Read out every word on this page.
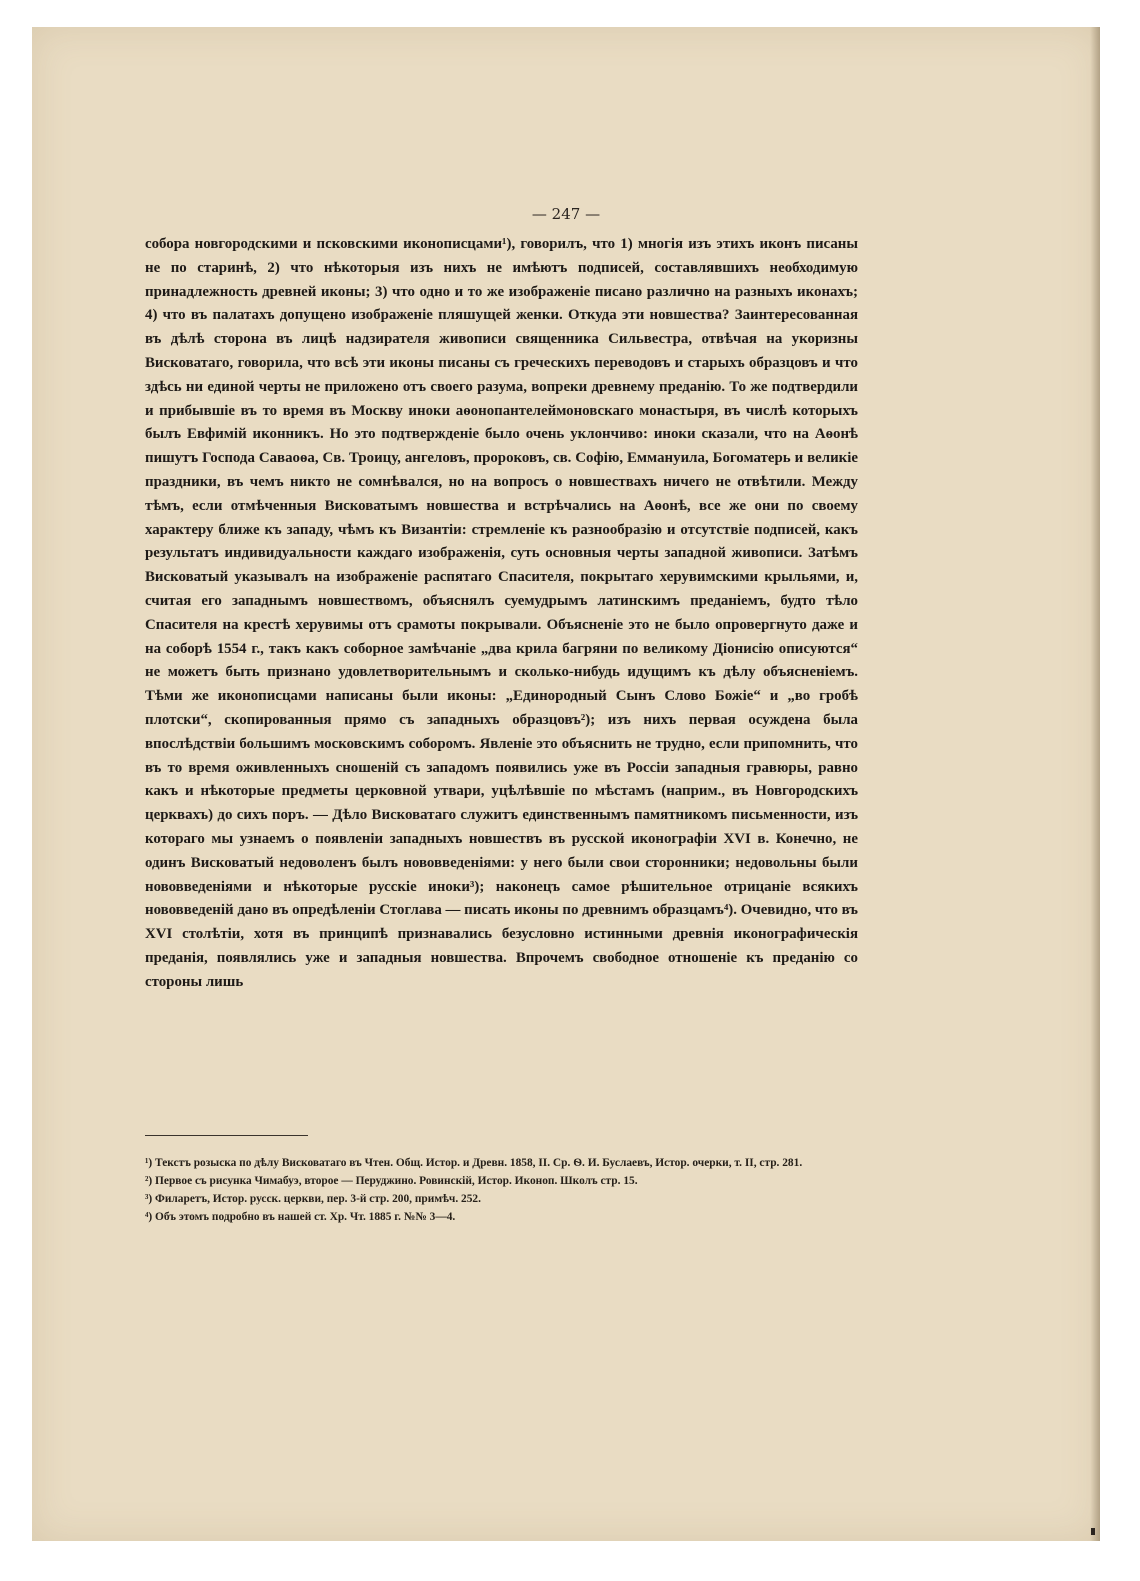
— 247 —

собора новгородскими и псковскими иконописцами¹), говорилъ, что 1) многія изъ этихъ иконъ писаны не по старинѣ, 2) что нѣкоторыя изъ нихъ не имѣютъ подписей, составлявшихъ необходимую принадлежность древней иконы; 3) что одно и то же изображеніе писано различно на разныхъ иконахъ; 4) что въ палатахъ допущено изображеніе пляшущей женки. Откуда эти новшества? Заинтересованная въ дѣлѣ сторона въ лицѣ надзирателя живописи священника Сильвестра, отвѣчая на укоризны Висковатаго, говорила, что всѣ эти иконы писаны съ греческихъ переводовъ и старыхъ образцовъ и что здѣсь ни единой черты не приложено отъ своего разума, вопреки древнему преданію. То же подтвердили и прибывшіе въ то время въ Москву иноки аѳонопантелеймоновскаго монастыря, въ числѣ которыхъ былъ Евфимій иконникъ. Но это подтвержденіе было очень уклончиво: иноки сказали, что на Аѳонѣ пишутъ Господа Саваоѳа, Св. Троицу, ангеловъ, пророковъ, св. Софію, Еммануила, Богоматерь и великіе праздники, въ чемъ никто не сомнѣвался, но на вопросъ о новшествахъ ничего не отвѣтили. Между тѣмъ, если отмѣченныя Висковатымъ новшества и встрѣчались на Аѳонѣ, все же они по своему характеру ближе къ западу, чѣмъ къ Византіи: стремленіе къ разнообразію и отсутствіе подписей, какъ результатъ индивидуальности каждаго изображенія, суть основныя черты западной живописи. Затѣмъ Висковатый указывалъ на изображеніе распятаго Спасителя, покрытаго херувимскими крыльями, и, считая его западнымъ новшествомъ, объяснялъ суемудрымъ латинскимъ преданіемъ, будто тѣло Спасителя на крестѣ херувимы отъ срамоты покрывали. Объясненіе это не было опровергнуто даже и на соборѣ 1554 г., такъ какъ соборное замѣчаніе „два крила багряни по великому Діонисію описуются“ не можетъ быть признано удовлетворительнымъ и сколько-нибудь идущимъ къ дѣлу объясненіемъ. Тѣми же иконописцами написаны были иконы: „Единородный Сынъ Слово Божіе“ и „во гробѣ плотски“, скопированныя прямо съ западныхъ образцовъ²); изъ нихъ первая осуждена была впослѣдствіи большимъ московскимъ соборомъ. Явленіе это объяснить не трудно, если припомнить, что въ то время оживленныхъ сношеній съ западомъ появились уже въ Россіи западныя гравюры, равно какъ и нѣкоторые предметы церковной утвари, уцѣлѣвшіе по мѣстамъ (наприм., въ Новгородскихъ церквахъ) до сихъ поръ. — Дѣло Висковатаго служитъ единственнымъ памятникомъ письменности, изъ котораго мы узнаемъ о появленіи западныхъ новшествъ въ русской иконографіи XVI в. Конечно, не одинъ Висковатый недоволенъ былъ нововведеніями: у него были свои сторонники; недовольны были нововведеніями и нѣкоторые русскіе иноки³); наконецъ самое рѣшительное отрицаніе всякихъ нововведеній дано въ опредѣленіи Стоглава — писать иконы по древнимъ образцамъ⁴). Очевидно, что въ XVI столѣтіи, хотя въ принципѣ признавались безусловно истинными древнія иконографическія преданія, появлялись уже и западныя новшества. Впрочемъ свободное отношеніе къ преданію со стороны лишь

¹) Текстъ розыска по дѣлу Висковатаго въ Чтен. Общ. Истор. и Древн. 1858, II. Ср. Ѳ. И. Буслаевъ, Истор. очерки, т. II, стр. 281.
²) Первое съ рисунка Чимабуэ, второе — Перуджино. Ровинскій, Истор. Иконоп. Школъ стр. 15.
³) Филаретъ, Истор. русск. церкви, пер. 3-й стр. 200, примѣч. 252.
⁴) Объ этомъ подробно въ нашей ст. Хр. Чт. 1885 г. №№ 3—4.
